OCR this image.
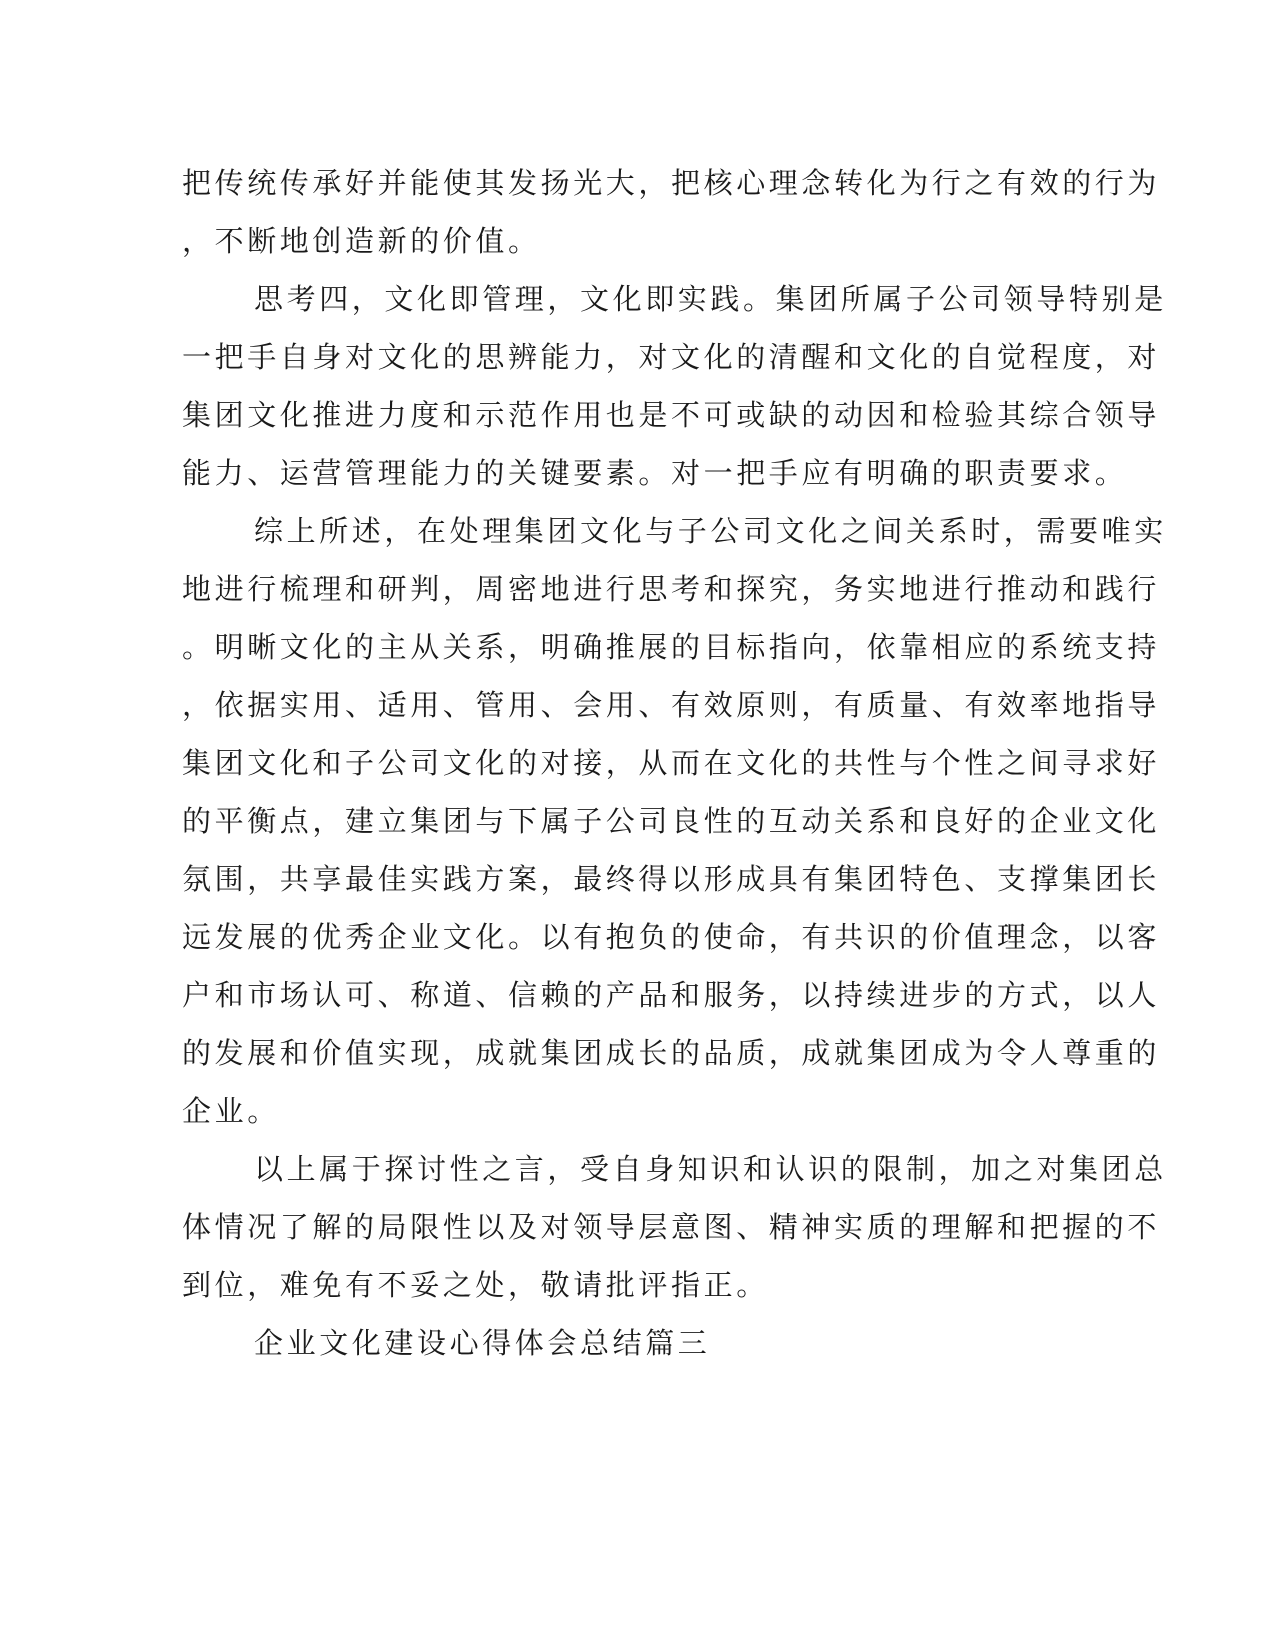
把传统传承好并能使其发扬光大，把核心理念转化为行之有效的行为
，不断地创造新的价值。
思考四，文化即管理，文化即实践。集团所属子公司领导特别是
一把手自身对文化的思辨能力，对文化的清醒和文化的自觉程度，对
集团文化推进力度和示范作用也是不可或缺的动因和检验其综合领导
能力、运营管理能力的关键要素。对一把手应有明确的职责要求。
综上所述，在处理集团文化与子公司文化之间关系时，需要唯实
地进行梳理和研判，周密地进行思考和探究，务实地进行推动和践行
。明晰文化的主从关系，明确推展的目标指向，依靠相应的系统支持
，依据实用、适用、管用、会用、有效原则，有质量、有效率地指导
集团文化和子公司文化的对接，从而在文化的共性与个性之间寻求好
的平衡点，建立集团与下属子公司良性的互动关系和良好的企业文化
氛围，共享最佳实践方案，最终得以形成具有集团特色、支撑集团长
远发展的优秀企业文化。以有抱负的使命，有共识的价值理念，以客
户和市场认可、称道、信赖的产品和服务，以持续进步的方式，以人
的发展和价值实现，成就集团成长的品质，成就集团成为令人尊重的
企业。
以上属于探讨性之言，受自身知识和认识的限制，加之对集团总
体情况了解的局限性以及对领导层意图、精神实质的理解和把握的不
到位，难免有不妥之处，敬请批评指正。
企业文化建设心得体会总结篇三
